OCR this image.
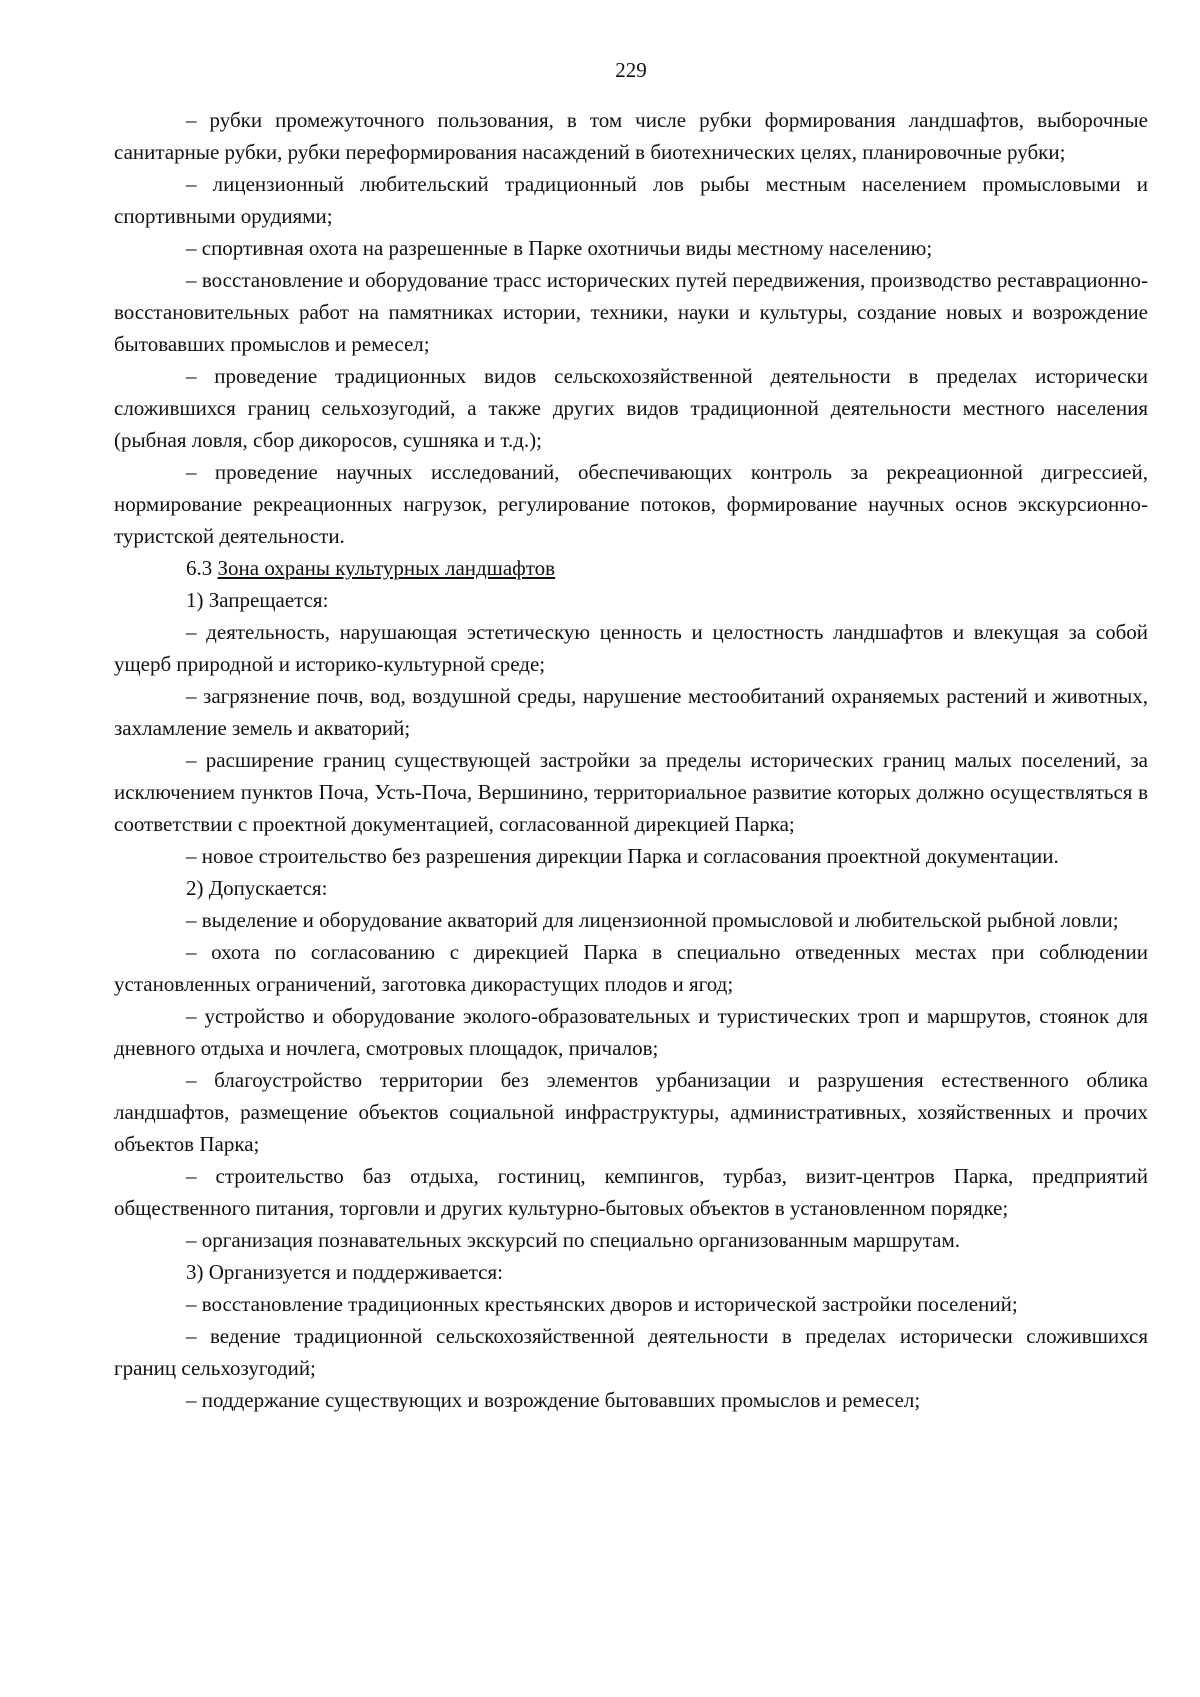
229

– рубки промежуточного пользования, в том числе рубки формирования ландшафтов, выборочные санитарные рубки, рубки переформирования насаждений в биотехнических целях, планировочные рубки;

– лицензионный любительский традиционный лов рыбы местным населением промысловыми и спортивными орудиями;

– спортивная охота на разрешенные в Парке охотничьи виды местному населению;

– восстановление и оборудование трасс исторических путей передвижения, производство реставрационно-восстановительных работ на памятниках истории, техники, науки и культуры, создание новых и возрождение бытовавших промыслов и ремесел;

– проведение традиционных видов сельскохозяйственной деятельности в пределах исторически сложившихся границ сельхозугодий, а также других видов традиционной деятельности местного населения (рыбная ловля, сбор дикоросов, сушняка и т.д.);

– проведение научных исследований, обеспечивающих контроль за рекреационной дигрессией, нормирование рекреационных нагрузок, регулирование потоков, формирование научных основ экскурсионно-туристской деятельности.

6.3 Зона охраны культурных ландшафтов

1) Запрещается:

– деятельность, нарушающая эстетическую ценность и целостность ландшафтов и влекущая за собой ущерб природной и историко-культурной среде;

– загрязнение почв, вод, воздушной среды, нарушение местообитаний охраняемых растений и животных, захламление земель и акваторий;

– расширение границ существующей застройки за пределы исторических границ малых поселений, за исключением пунктов Поча, Усть-Поча, Вершинино, территориальное развитие которых должно осуществляться в соответствии с проектной документацией, согласованной дирекцией Парка;

– новое строительство без разрешения дирекции Парка и согласования проектной документации.

2) Допускается:

– выделение и оборудование акваторий для лицензионной промысловой и любительской рыбной ловли;

– охота по согласованию с дирекцией Парка в специально отведенных местах при соблюдении установленных ограничений, заготовка дикорастущих плодов и ягод;

– устройство и оборудование эколого-образовательных и туристических троп и маршрутов, стоянок для дневного отдыха и ночлега, смотровых площадок, причалов;

– благоустройство территории без элементов урбанизации и разрушения естественного облика ландшафтов, размещение объектов социальной инфраструктуры, административных, хозяйственных и прочих объектов Парка;

– строительство баз отдыха, гостиниц, кемпингов, турбаз, визит-центров Парка, предприятий общественного питания, торговли и других культурно-бытовых объектов в установленном порядке;

– организация познавательных экскурсий по специально организованным маршрутам.

3) Организуется и поддерживается:

– восстановление традиционных крестьянских дворов и исторической застройки поселений;

– ведение традиционной сельскохозяйственной деятельности в пределах исторически сложившихся границ сельхозугодий;

– поддержание существующих и возрождение бытовавших промыслов и ремесел;
